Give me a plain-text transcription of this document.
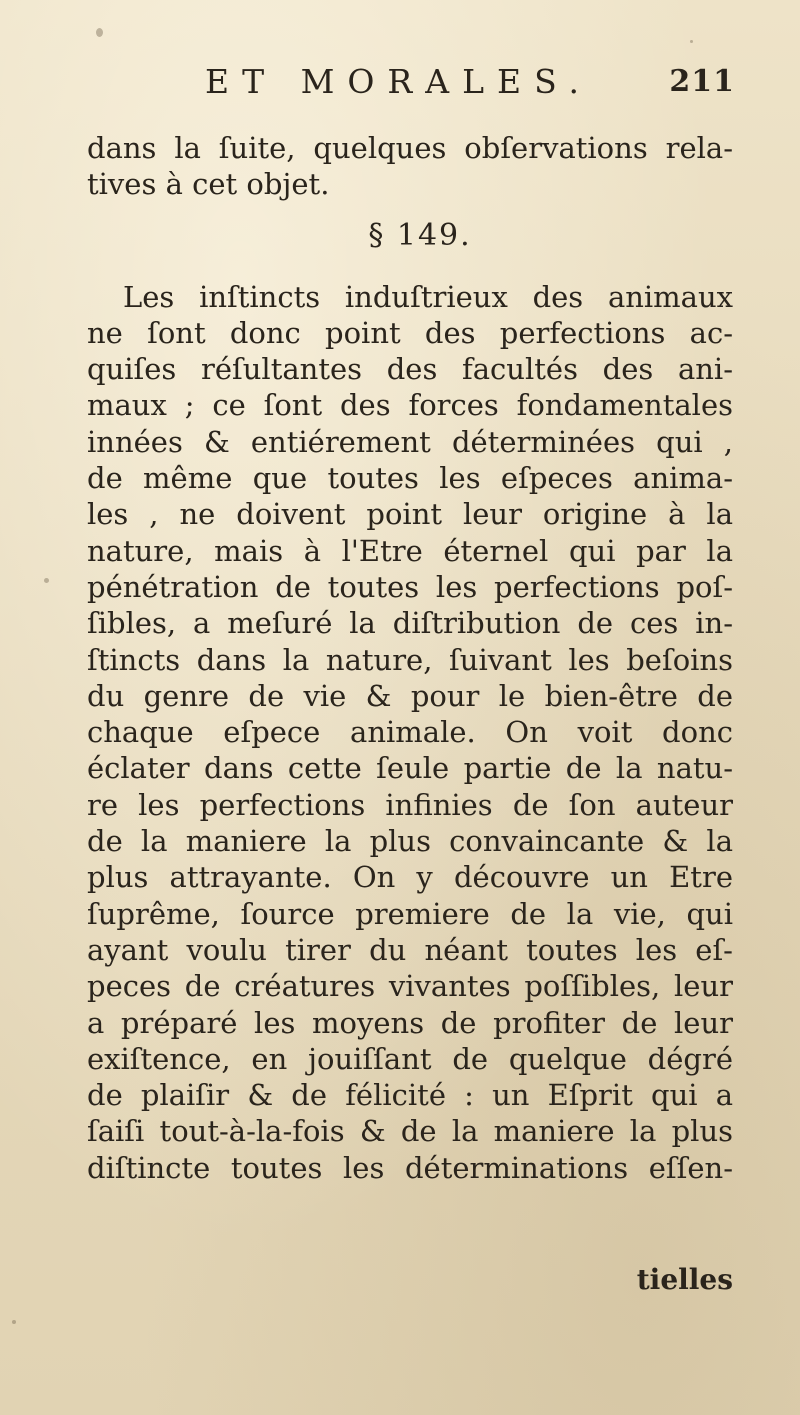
ET MORALES.	211
dans la ſuite, quelques obſervations rela-
tives à cet objet.
§ 149.
Les inſtincts induſtrieux des animaux
ne ſont donc point des perfections ac-
quiſes réſultantes des facultés des ani-
maux ; ce ſont des forces fondamentales
innées & entiérement déterminées qui ,
de même que toutes les eſpeces anima-
les , ne doivent point leur origine à la
nature, mais à l'Etre éternel qui par la
pénétration de toutes les perfections poſ-
ſibles, a meſuré la diſtribution de ces in-
ſtincts dans la nature, ſuivant les beſoins
du genre de vie & pour le bien-être de
chaque eſpece animale. On voit donc
éclater dans cette ſeule partie de la natu-
re les perfections infinies de ſon auteur
de la maniere la plus convaincante & la
plus attrayante. On y découvre un Etre
ſuprême, ſource premiere de la vie, qui
ayant voulu tirer du néant toutes les eſ-
peces de créatures vivantes poſſibles, leur
a préparé les moyens de profiter de leur
exiſtence, en jouiſſant de quelque dégré
de plaiſir & de félicité : un Eſprit qui a
ſaiſi tout-à-la-fois & de la maniere la plus
diſtincte toutes les déterminations eſſen-
tielles
